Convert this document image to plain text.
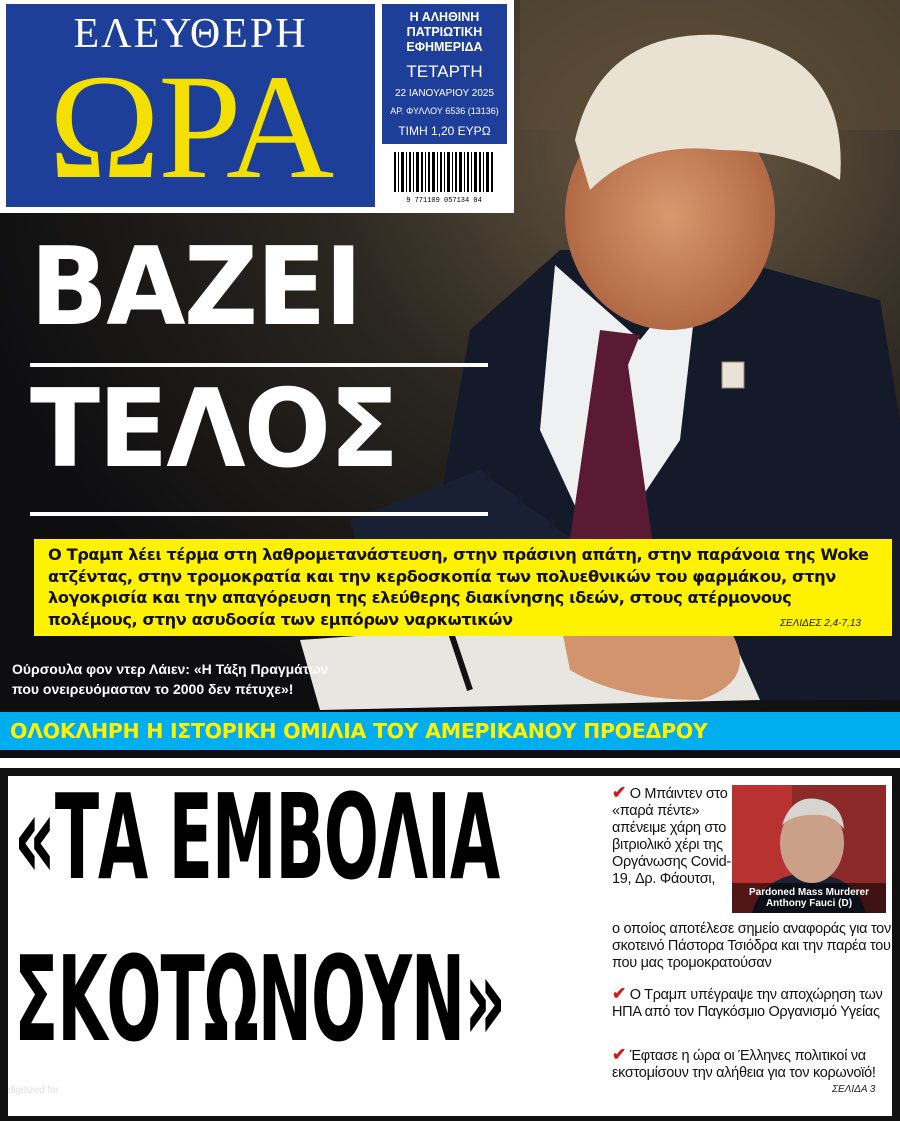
ΕΛΕΥΘΕΡΗ
ΩΡΑ
Η ΑΛΗΘΙΝΗ
ΠΑΤΡΙΩΤΙΚΗ
ΕΦΗΜΕΡΙΔΑ
ΤΕΤΑΡΤΗ
22 ΙΑΝΟΥΑΡΙΟΥ 2025
ΑΡ. ΦΥΛΛΟΥ 6536 (13136)
ΤΙΜΗ 1,20 ΕΥΡΩ
9 771109 057134 04
ΒΑΖΕΙ
ΤΕΛΟΣ
Ο Τραμπ λέει τέρμα στη λαθρομετανάστευση, στην πράσινη απάτη, στην παράνοια της Woke ατζέντας, στην τρομοκρατία και την κερδοσκοπία των πολυεθνικών του φαρμάκου, στην λογοκρισία και την απαγόρευση της ελεύθερης διακίνησης ιδεών, στους ατέρμονους πολέμους, στην ασυδοσία των εμπόρων ναρκωτικών	ΣΕΛΙΔΕΣ 2,4-7,13
Ούρσουλα φον ντερ Λάιεν: «Η Τάξη Πραγμάτων
που ονειρευόμασταν το 2000 δεν πέτυχε»!
ΟΛΟΚΛΗΡΗ Η ΙΣΤΟΡΙΚΗ ΟΜΙΛΙΑ ΤΟΥ ΑΜΕΡΙΚΑΝΟΥ ΠΡΟΕΔΡΟΥ
«ΤΑ ΕΜΒΟΛΙΑ
ΣΚΟΤΩΝΟΥΝ»
Pardoned Mass Murderer
Anthony Fauci (D)
✔ Ο Μπάιντεν στο «παρά πέντε» απένειμε χάρη στο βιτριολικό χέρι της Οργάνωσης Covid-19, Δρ. Φάουτσι,
ο οποίος αποτέλεσε σημείο αναφοράς για τον σκοτεινό Πάστορα Τσιόδρα και την παρέα του που μας τρομοκρατούσαν
✔ Ο Τραμπ υπέγραψε την αποχώρηση των ΗΠΑ από τον Παγκόσμιο Οργανισμό Υγείας
✔ Έφτασε η ώρα οι Έλληνες πολιτικοί να εκστομίσουν την αλήθεια για τον κορωνοϊό!
ΣΕΛΙΔΑ 3
digitized for
frontpages.gr
